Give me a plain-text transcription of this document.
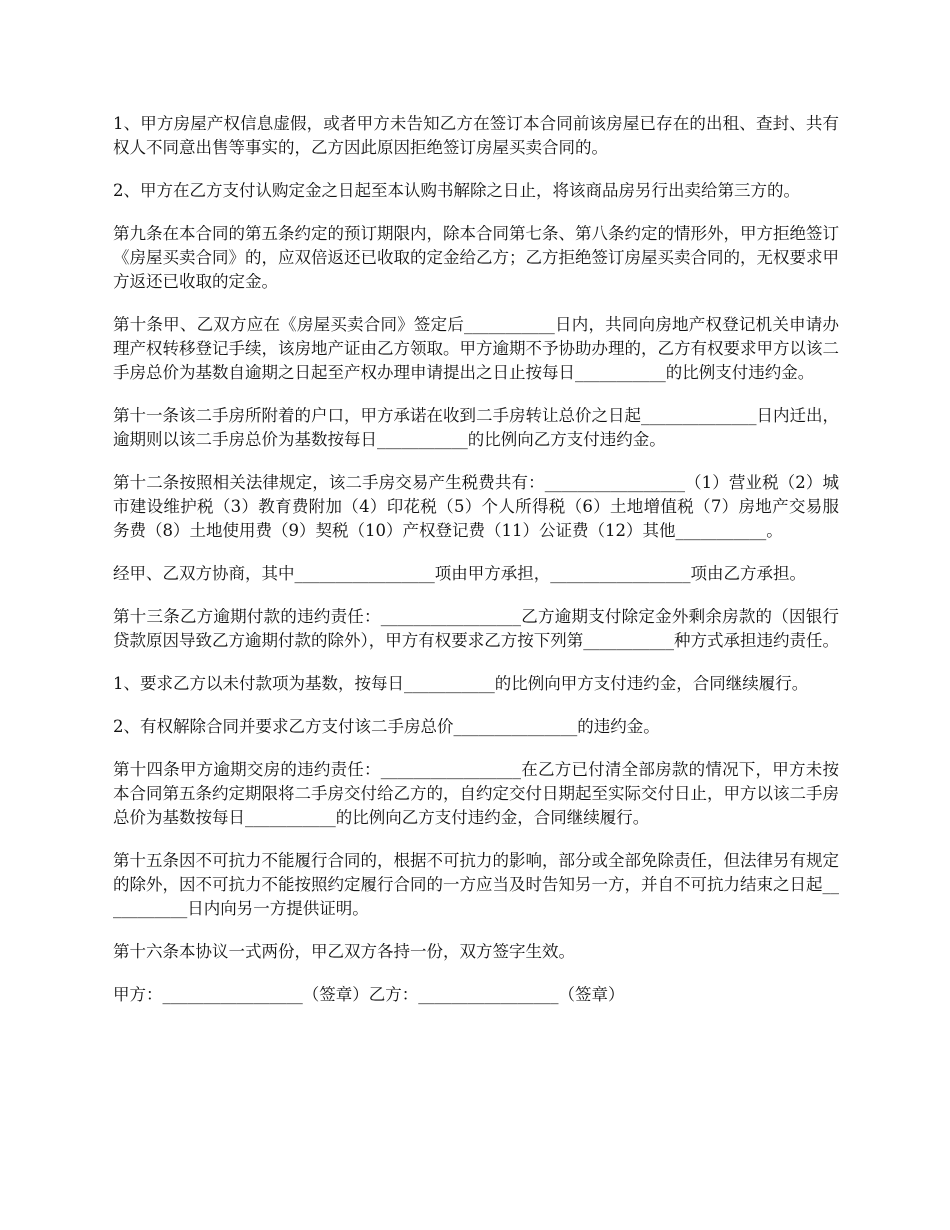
1、甲方房屋产权信息虚假，或者甲方未告知乙方在签订本合同前该房屋已存在的出租、查封、共有权人不同意出售等事实的，乙方因此原因拒绝签订房屋买卖合同的。

2、甲方在乙方支付认购定金之日起至本认购书解除之日止，将该商品房另行出卖给第三方的。

第九条在本合同的第五条约定的预订期限内，除本合同第七条、第八条约定的情形外，甲方拒绝签订《房屋买卖合同》的，应双倍返还已收取的定金给乙方；乙方拒绝签订房屋买卖合同的，无权要求甲方返还已收取的定金。

第十条甲、乙双方应在《房屋买卖合同》签定后___________日内，共同向房地产权登记机关申请办理产权转移登记手续，该房地产证由乙方领取。甲方逾期不予协助办理的，乙方有权要求甲方以该二手房总价为基数自逾期之日起至产权办理申请提出之日止按每日___________的比例支付违约金。

第十一条该二手房所附着的户口，甲方承诺在收到二手房转让总价之日起______________日内迁出，逾期则以该二手房总价为基数按每日___________的比例向乙方支付违约金。

第十二条按照相关法律规定，该二手房交易产生税费共有：_________________（1）营业税（2）城市建设维护税（3）教育费附加（4）印花税（5）个人所得税（6）土地增值税（7）房地产交易服务费（8）土地使用费（9）契税（10）产权登记费（11）公证费（12）其他___________。

经甲、乙双方协商，其中_________________项由甲方承担，_________________项由乙方承担。

第十三条乙方逾期付款的违约责任：_________________乙方逾期支付除定金外剩余房款的（因银行贷款原因导致乙方逾期付款的除外），甲方有权要求乙方按下列第___________种方式承担违约责任。

1、要求乙方以未付款项为基数，按每日___________的比例向甲方支付违约金，合同继续履行。

2、有权解除合同并要求乙方支付该二手房总价_______________的违约金。

第十四条甲方逾期交房的违约责任：_________________在乙方已付清全部房款的情况下，甲方未按本合同第五条约定期限将二手房交付给乙方的，自约定交付日期起至实际交付日止，甲方以该二手房总价为基数按每日___________的比例向乙方支付违约金，合同继续履行。

第十五条因不可抗力不能履行合同的，根据不可抗力的影响，部分或全部免除责任，但法律另有规定的除外，因不可抗力不能按照约定履行合同的一方应当及时告知另一方，并自不可抗力结束之日起___________日内向另一方提供证明。

第十六条本协议一式两份，甲乙双方各持一份，双方签字生效。

甲方：_________________（签章）乙方：_________________（签章）
